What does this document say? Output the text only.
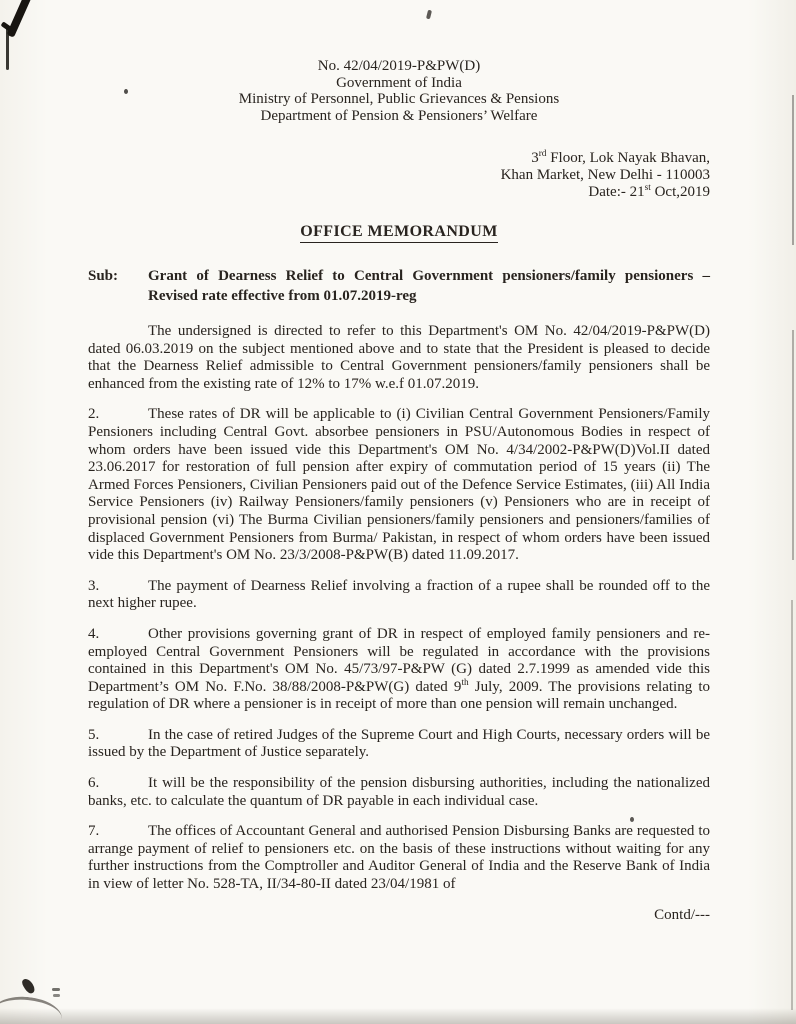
No. 42/04/2019-P&PW(D)
Government of India
Ministry of Personnel, Public Grievances & Pensions
Department of Pension & Pensioners’ Welfare
3rd Floor, Lok Nayak Bhavan,
Khan Market, New Delhi - 110003
Date:- 21st Oct,2019
OFFICE MEMORANDUM
Sub:	Grant of Dearness Relief to Central Government pensioners/family pensioners – Revised rate effective from 01.07.2019-reg

The undersigned is directed to refer to this Department's OM No. 42/04/2019-P&PW(D) dated 06.03.2019 on the subject mentioned above and to state that the President is pleased to decide that the Dearness Relief admissible to Central Government pensioners/family pensioners shall be enhanced from the existing rate of 12% to 17% w.e.f 01.07.2019.

2.	These rates of DR will be applicable to (i) Civilian Central Government Pensioners/Family Pensioners including Central Govt. absorbee pensioners in PSU/Autonomous Bodies in respect of whom orders have been issued vide this Department's OM No. 4/34/2002-P&PW(D)Vol.II dated 23.06.2017 for restoration of full pension after expiry of commutation period of 15 years (ii) The Armed Forces Pensioners, Civilian Pensioners paid out of the Defence Service Estimates, (iii) All India Service Pensioners (iv) Railway Pensioners/family pensioners (v) Pensioners who are in receipt of provisional pension (vi) The Burma Civilian pensioners/family pensioners and pensioners/families of displaced Government Pensioners from Burma/ Pakistan, in respect of whom orders have been issued vide this Department's OM No. 23/3/2008-P&PW(B) dated 11.09.2017.

3.	The payment of Dearness Relief involving a fraction of a rupee shall be rounded off to the next higher rupee.

4.	Other provisions governing grant of DR in respect of employed family pensioners and re-employed Central Government Pensioners will be regulated in accordance with the provisions contained in this Department's OM No. 45/73/97-P&PW (G) dated 2.7.1999 as amended vide this Department’s OM No. F.No. 38/88/2008-P&PW(G) dated 9th July, 2009. The provisions relating to regulation of DR where a pensioner is in receipt of more than one pension will remain unchanged.

5.	In the case of retired Judges of the Supreme Court and High Courts, necessary orders will be issued by the Department of Justice separately.

6.	It will be the responsibility of the pension disbursing authorities, including the nationalized banks, etc. to calculate the quantum of DR payable in each individual case.

7.	The offices of Accountant General and authorised Pension Disbursing Banks are requested to arrange payment of relief to pensioners etc. on the basis of these instructions without waiting for any further instructions from the Comptroller and Auditor General of India and the Reserve Bank of India in view of letter No. 528-TA, II/34-80-II dated 23/04/1981 of

Contd/---
